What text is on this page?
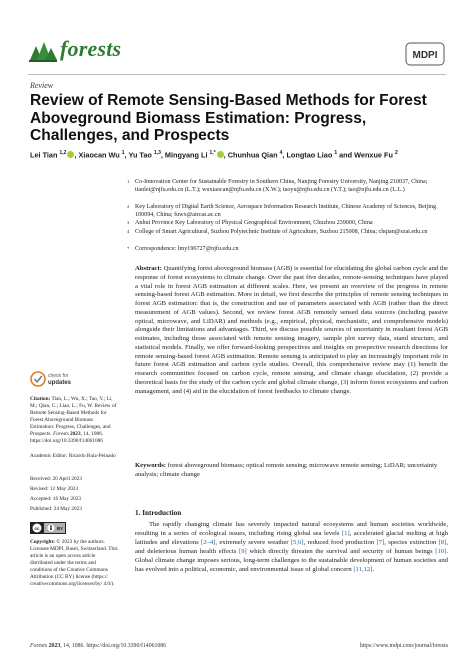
forests	MDPI
Review
Review of Remote Sensing-Based Methods for Forest Aboveground Biomass Estimation: Progress, Challenges, and Prospects
Lei Tian $^{1,2}$ , Xiaocan Wu $^1$, Yu Tao $^{1,3}$, Mingyang Li $^{1,*}$ , Chunhua Qian $^4$, Longtao Liao $^1$ and Wenxue Fu $^2$
1 Co-Innovation Center for Sustainable Forestry in Southern China, Nanjing Forestry University, Nanjing 210037, China; tianlei@njfu.edu.cn (L.T.); wuxiaocan@njfu.edu.cn (X.W.); taoyu@njfu.edu.cn (Y.T.); tao@njfu.edu.cn (L.L.)
2 Key Laboratory of Digital Earth Science, Aerospace Information Research Institute, Chinese Academy of Sciences, Beijing 100094, China; fuwx@aircas.ac.cn
3 Anhui Province Key Laboratory of Physical Geographical Environment, Chuzhou 239000, China
4 College of Smart Agricultural, Suzhou Polytechnic Institute of Agriculture, Suzhou 215008, China; chqian@szai.edu.cn
* Correspondence: lmy196727@njfu.edu.cn
Abstract: Quantifying forest aboveground biomass (AGB) is essential for elucidating the global carbon cycle and the response of forest ecosystems to climate change. Over the past five decades, remote-sensing techniques have played a vital role in forest AGB estimation at different scales. Here, we present an overview of the progress in remote sensing-based forest AGB estimation. More in detail, we first describe the principles of remote sensing techniques in forest AGB estimation: that is, the construction and use of parameters associated with AGB (rather than the direct measurement of AGB values). Second, we review forest AGB remotely sensed data sources (including passive optical, microwave, and LiDAR) and methods (e.g., empirical, physical, mechanistic, and comprehensive models) alongside their limitations and advantages. Third, we discuss possible sources of uncertainty in resultant forest AGB estimates, including those associated with remote sensing imagery, sample plot survey data, stand structure, and statistical models. Finally, we offer forward-looking perspectives and insights on prospective research directions for remote sensing-based forest AGB estimation. Remote sensing is anticipated to play an increasingly important role in future forest AGB estimation and carbon cycle studies. Overall, this comprehensive review may (1) benefit the research communities focused on carbon cycle, remote sensing, and climate change elucidation, (2) provide a theoretical basis for the study of the carbon cycle and global climate change, (3) inform forest ecosystems and carbon management, and (4) aid in the elucidation of forest feedbacks to climate change.
Keywords: forest aboveground biomass; optical remote sensing; microwave remote sensing; LiDAR; uncertainty analysis; climate change
1. Introduction
The rapidly changing climate has severely impacted natural ecosystems and human societies worldwide, resulting in a series of ecological issues, including rising global sea levels [1], accelerated glacial melting at high latitudes and elevations [2–4], extremely severe weather [5,6], reduced food production [7], species extinction [8], and deleterious human health effects [9] which directly threaten the survival and security of human beings [10]. Global climate change imposes serious, long-term challenges to the sustainable development of human societies and has evolved into a political, economic, and environmental issue of global concern [11,12].
check for
updates
Citation: Tian, L.; Wu, X.; Tao, Y.; Li, M.; Qian, C.; Liao, L.; Fu, W. Review of Remote Sensing-Based Methods for Forest Aboveground Biomass Estimation: Progress, Challenges, and Prospects. Forests 2023, 14, 1086. https://doi.org/10.3390/f14061086
Academic Editor: Ricardo Ruiz-Peinado
Received: 20 April 2023
Revised: 12 May 2023
Accepted: 16 May 2023
Published: 24 May 2023
cc	BY
Copyright: © 2023 by the authors. Licensee MDPI, Basel, Switzerland. This article is an open access article distributed under the terms and conditions of the Creative Commons Attribution (CC BY) license (https:// creativecommons.org/licenses/by/ 4.0/).
Forests 2023, 14, 1086. https://doi.org/10.3390/f14061086	https://www.mdpi.com/journal/forests
